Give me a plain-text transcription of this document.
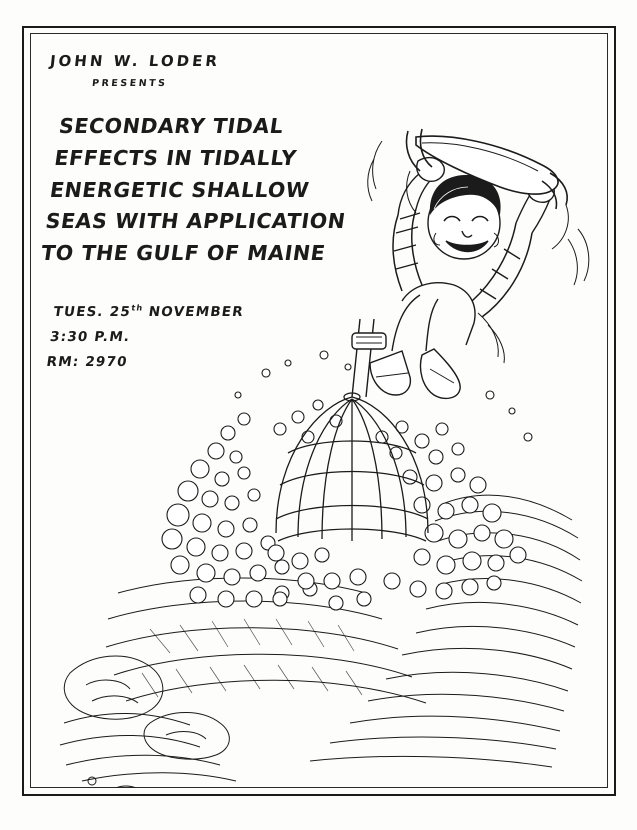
JOHN W. LODER
PRESENTS
SECONDARY TIDAL
EFFECTS IN TIDALLY
ENERGETIC SHALLOW
SEAS WITH APPLICATION
TO THE GULF OF MAINE
TUES. 25th NOVEMBER
3:30 P.M.
RM: 2970
